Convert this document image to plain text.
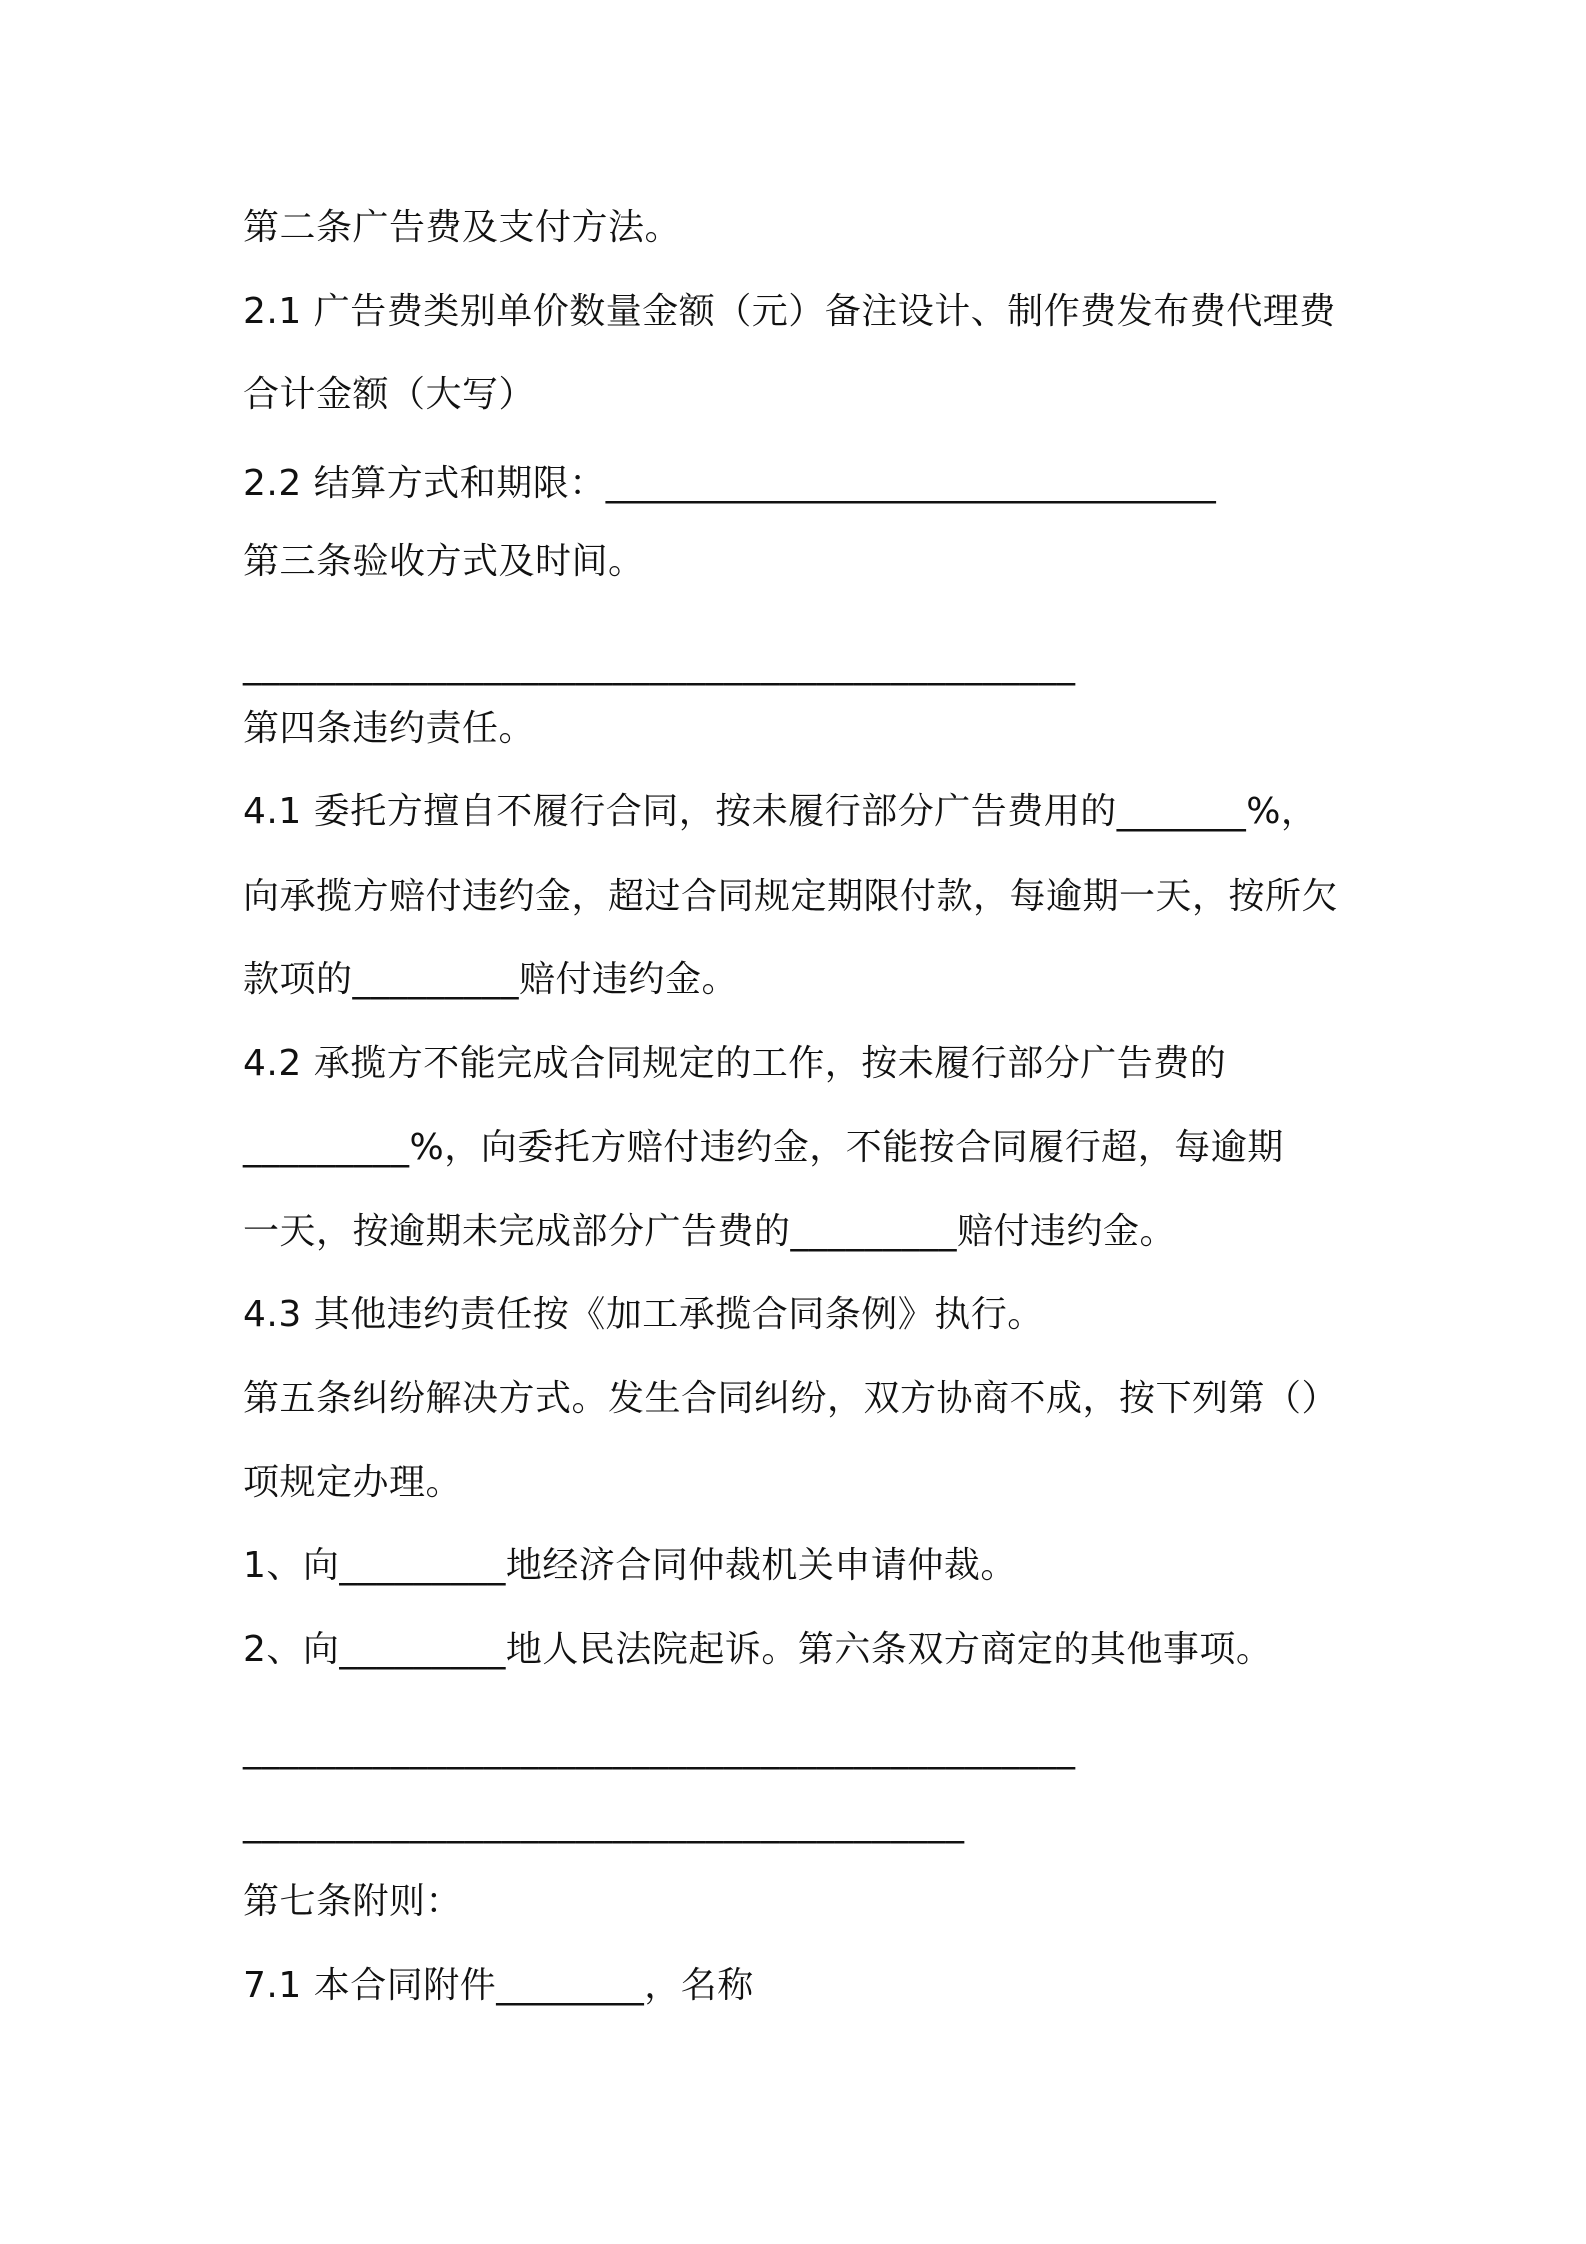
第二条广告费及支付方法。
2.1 广告费类别单价数量金额（元）备注设计、制作费发布费代理费
合计金额（大写）
2.2 结算方式和期限：_________________________________
第三条验收方式及时间。
_____________________________________________
第四条违约责任。
4.1 委托方擅自不履行合同，按未履行部分广告费用的_______%，
向承揽方赔付违约金，超过合同规定期限付款，每逾期一天，按所欠
款项的_________赔付违约金。
4.2 承揽方不能完成合同规定的工作，按未履行部分广告费的
_________%，向委托方赔付违约金，不能按合同履行超，每逾期
一天，按逾期未完成部分广告费的_________赔付违约金。
4.3 其他违约责任按《加工承揽合同条例》执行。
第五条纠纷解决方式。发生合同纠纷，双方协商不成，按下列第（）
项规定办理。
1、向_________地经济合同仲裁机关申请仲裁。
2、向_________地人民法院起诉。第六条双方商定的其他事项。
_____________________________________________
_______________________________________
第七条附则：
7.1 本合同附件________，名称
